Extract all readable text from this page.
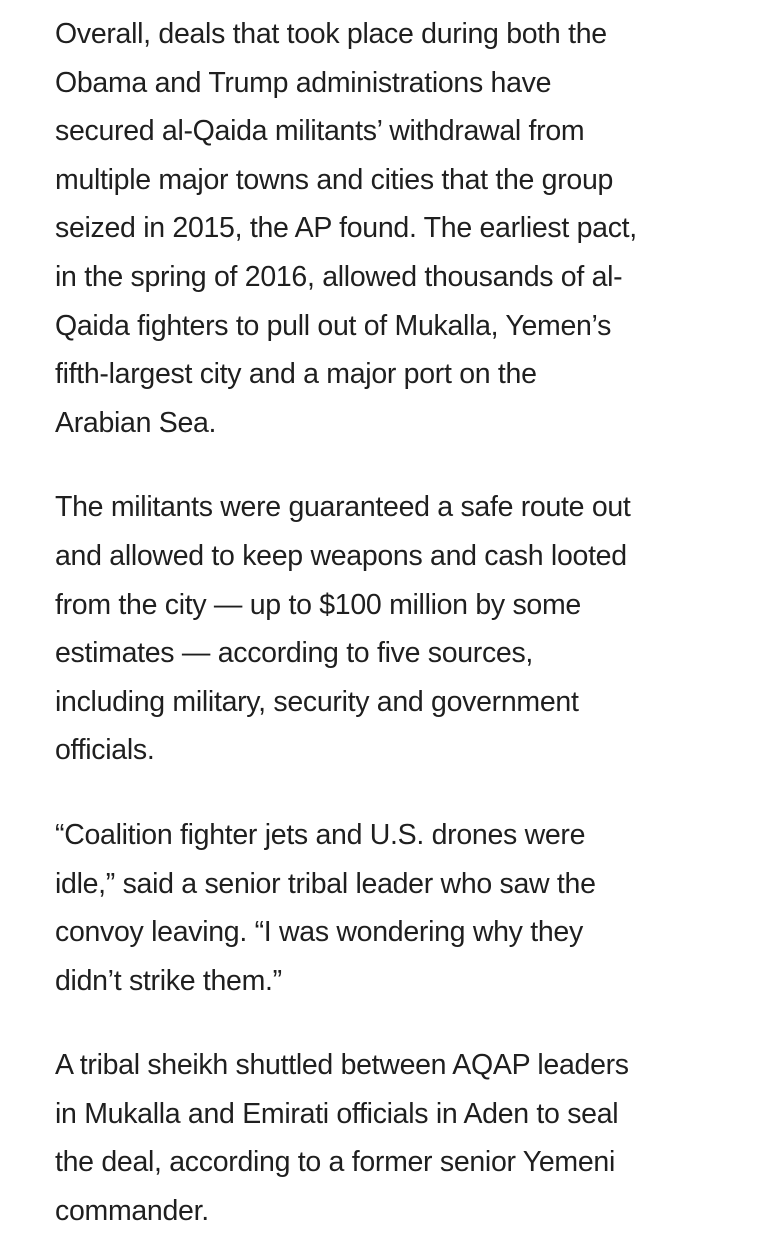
Overall, deals that took place during both the
Obama and Trump administrations have
secured al-Qaida militants’ withdrawal from
multiple major towns and cities that the group
seized in 2015, the AP found. The earliest pact,
in the spring of 2016, allowed thousands of al-
Qaida fighters to pull out of Mukalla, Yemen’s
fifth-largest city and a major port on the
Arabian Sea.

The militants were guaranteed a safe route out
and allowed to keep weapons and cash looted
from the city — up to $100 million by some
estimates — according to five sources,
including military, security and government
officials.

“Coalition fighter jets and U.S. drones were
idle,” said a senior tribal leader who saw the
convoy leaving. “I was wondering why they
didn’t strike them.”

A tribal sheikh shuttled between AQAP leaders
in Mukalla and Emirati officials in Aden to seal
the deal, according to a former senior Yemeni
commander.
